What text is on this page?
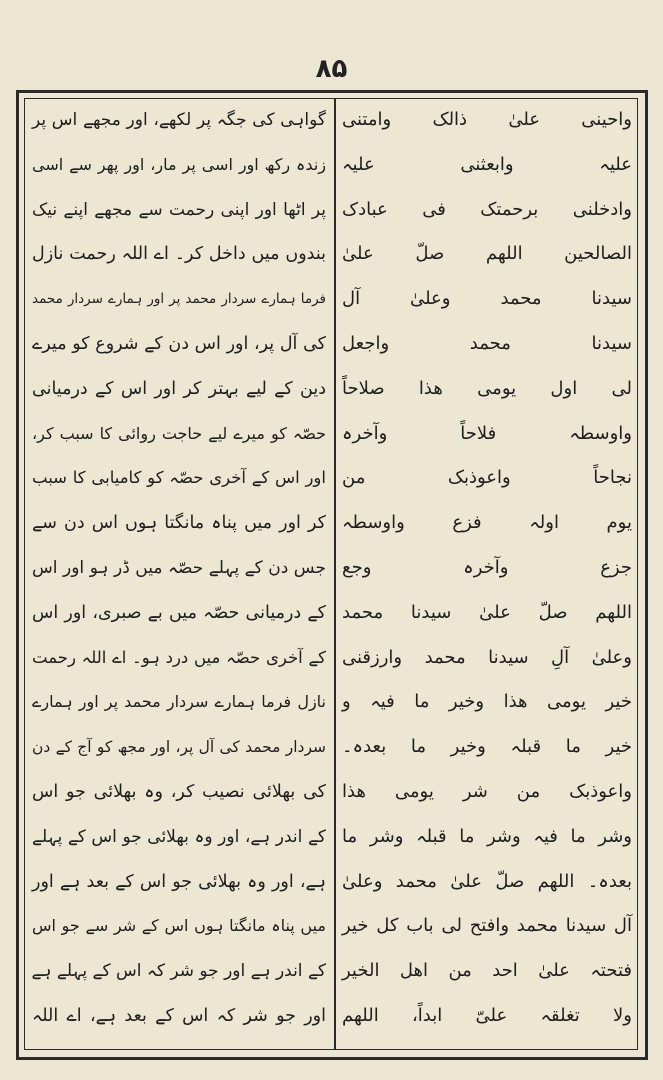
۸۵
واحینی علیٰ ذالک وامتنی
علیہ وابعثنی علیہ
وادخلنی برحمتک فی عبادک
الصالحین اللھم صلّ علیٰ
سیدنا محمد وعلیٰ آل
سیدنا محمد واجعل
لی اول یومی ھذا صلاحاً
واوسطہ فلاحاً وآخرہ
نجاحاً واعوذبک من
یوم اولہ فزع واوسطہ
جزع وآخرہ وجع
اللھم صلّ علیٰ سیدنا محمد
وعلیٰ آلِ سیدنا محمد وارزقنی
خیر یومی ھذا وخیر ما فیہ و
خیر ما قبلہ وخیر ما بعدہ۔
واعوذبک من شر یومی ھذا
وشر ما فیہ وشر ما قبلہ وشر ما
بعدہ۔ اللھم صلّ علیٰ محمد وعلیٰ
آل سیدنا محمد وافتح لی باب کل خیر
فتحتہ علیٰ احد من اھل الخیر
ولا تغلقہ علیّ ابداً، اللھم
گواہی کی جگہ پر لکھے، اور مجھے اس پر
زندہ رکھ اور اسی پر مار، اور پھر سے اسی
پر اٹھا اور اپنی رحمت سے مجھے اپنے نیک
بندوں میں داخل کر۔ اے اللہ رحمت نازل
فرما ہمارے سردار محمد پر اور ہمارے سردار محمد
کی آل پر، اور اس دن کے شروع کو میرے
دین کے لیے بہتر کر اور اس کے درمیانی
حصّہ کو میرے لیے حاجت روائی کا سبب کر،
اور اس کے آخری حصّہ کو کامیابی کا سبب
کر اور میں پناہ مانگتا ہوں اس دن سے
جس دن کے پہلے حصّہ میں ڈر ہو اور اس
کے درمیانی حصّہ میں بے صبری، اور اس
کے آخری حصّہ میں درد ہو۔ اے اللہ رحمت
نازل فرما ہمارے سردار محمد پر اور ہمارے
سردار محمد کی آل پر، اور مجھ کو آج کے دن
کی بھلائی نصیب کر، وہ بھلائی جو اس
کے اندر ہے، اور وہ بھلائی جو اس کے پہلے
ہے، اور وہ بھلائی جو اس کے بعد ہے اور
میں پناہ مانگتا ہوں اس کے شر سے جو اس
کے اندر ہے اور جو شر کہ اس کے پہلے ہے
اور جو شر کہ اس کے بعد ہے، اے اللہ
